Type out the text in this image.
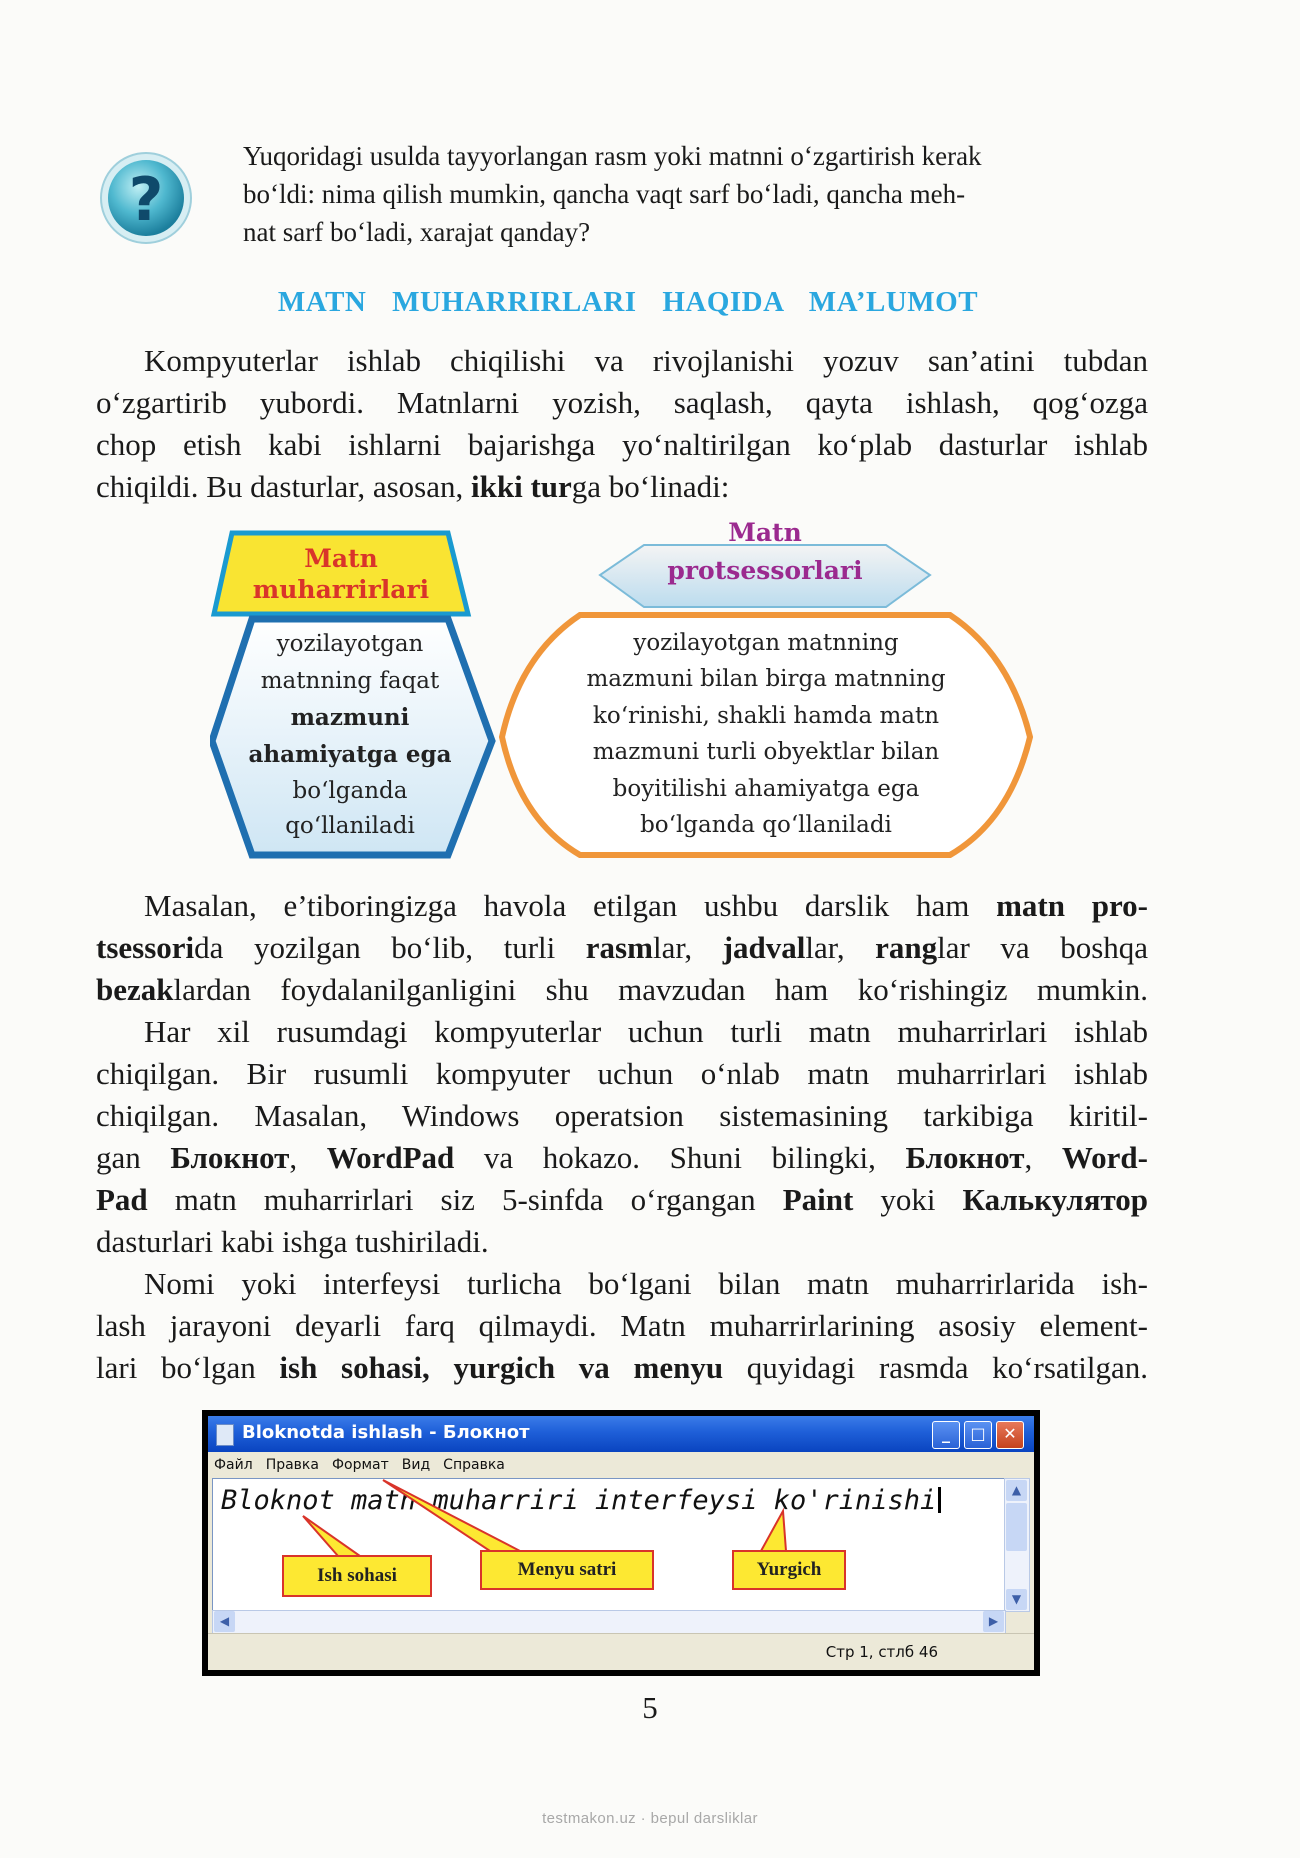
?
Yuqoridagi usulda tayyorlangan rasm yoki matnni o‘zgartirish kerak
bo‘ldi: nima qilish mumkin, qancha vaqt sarf bo‘ladi, qancha meh-
nat sarf bo‘ladi, xarajat qanday?
MATN MUHARRIRLARI HAQIDA MA’LUMOT
Kompyuterlar ishlab chiqilishi va rivojlanishi yozuv san’atini tubdan
o‘zgartirib yubordi. Matnlarni yozish, saqlash, qayta ishlash, qog‘ozga
chop etish kabi ishlarni bajarishga yo‘naltirilgan ko‘plab dasturlar ishlab
chiqildi. Bu dasturlar, asosan, ikki turga bo‘linadi:
Matn
muharrirlari
yozilayotgan
matnning faqat
mazmuni
ahamiyatga ega
bo‘lganda
qo‘llaniladi
Matn
protsessorlari
yozilayotgan matnning
mazmuni bilan birga matnning
ko‘rinishi, shakli hamda matn
mazmuni turli obyektlar bilan
boyitilishi ahamiyatga ega
bo‘lganda qo‘llaniladi
Masalan, e’tiboringizga havola etilgan ushbu darslik ham matn pro-
tsessorida yozilgan bo‘lib, turli rasmlar, jadvallar, ranglar va boshqa
bezaklardan foydalanilganligini shu mavzudan ham ko‘rishingiz mumkin.
Har xil rusumdagi kompyuterlar uchun turli matn muharrirlari ishlab
chiqilgan. Bir rusumli kompyuter uchun o‘nlab matn muharrirlari ishlab
chiqilgan. Masalan, Windows operatsion sistemasining tarkibiga kiritil-
gan Блокнот, WordPad va hokazo. Shuni bilingki, Блокнот, Word-
Pad matn muharrirlari siz 5-sinfda o‘rgangan Paint yoki Калькулятор
dasturlari kabi ishga tushiriladi.
Nomi yoki interfeysi turlicha bo‘lgani bilan matn muharrirlarida ish-
lash jarayoni deyarli farq qilmaydi. Matn muharrirlarining asosiy element-
lari bo‘lgan ish sohasi, yurgich va menyu quyidagi rasmda ko‘rsatilgan.
Bloknotda ishlash - Блокнот	_	□	✕
Файл Правка Формат Вид Справка
Bloknot matn muharriri interfeysi ko'rinishi	▲
▼
◀	▶
Стр 1, стлб 46
Ish sohasi	Menyu satri	Yurgich
5
testmakon.uz · bepul darsliklar
